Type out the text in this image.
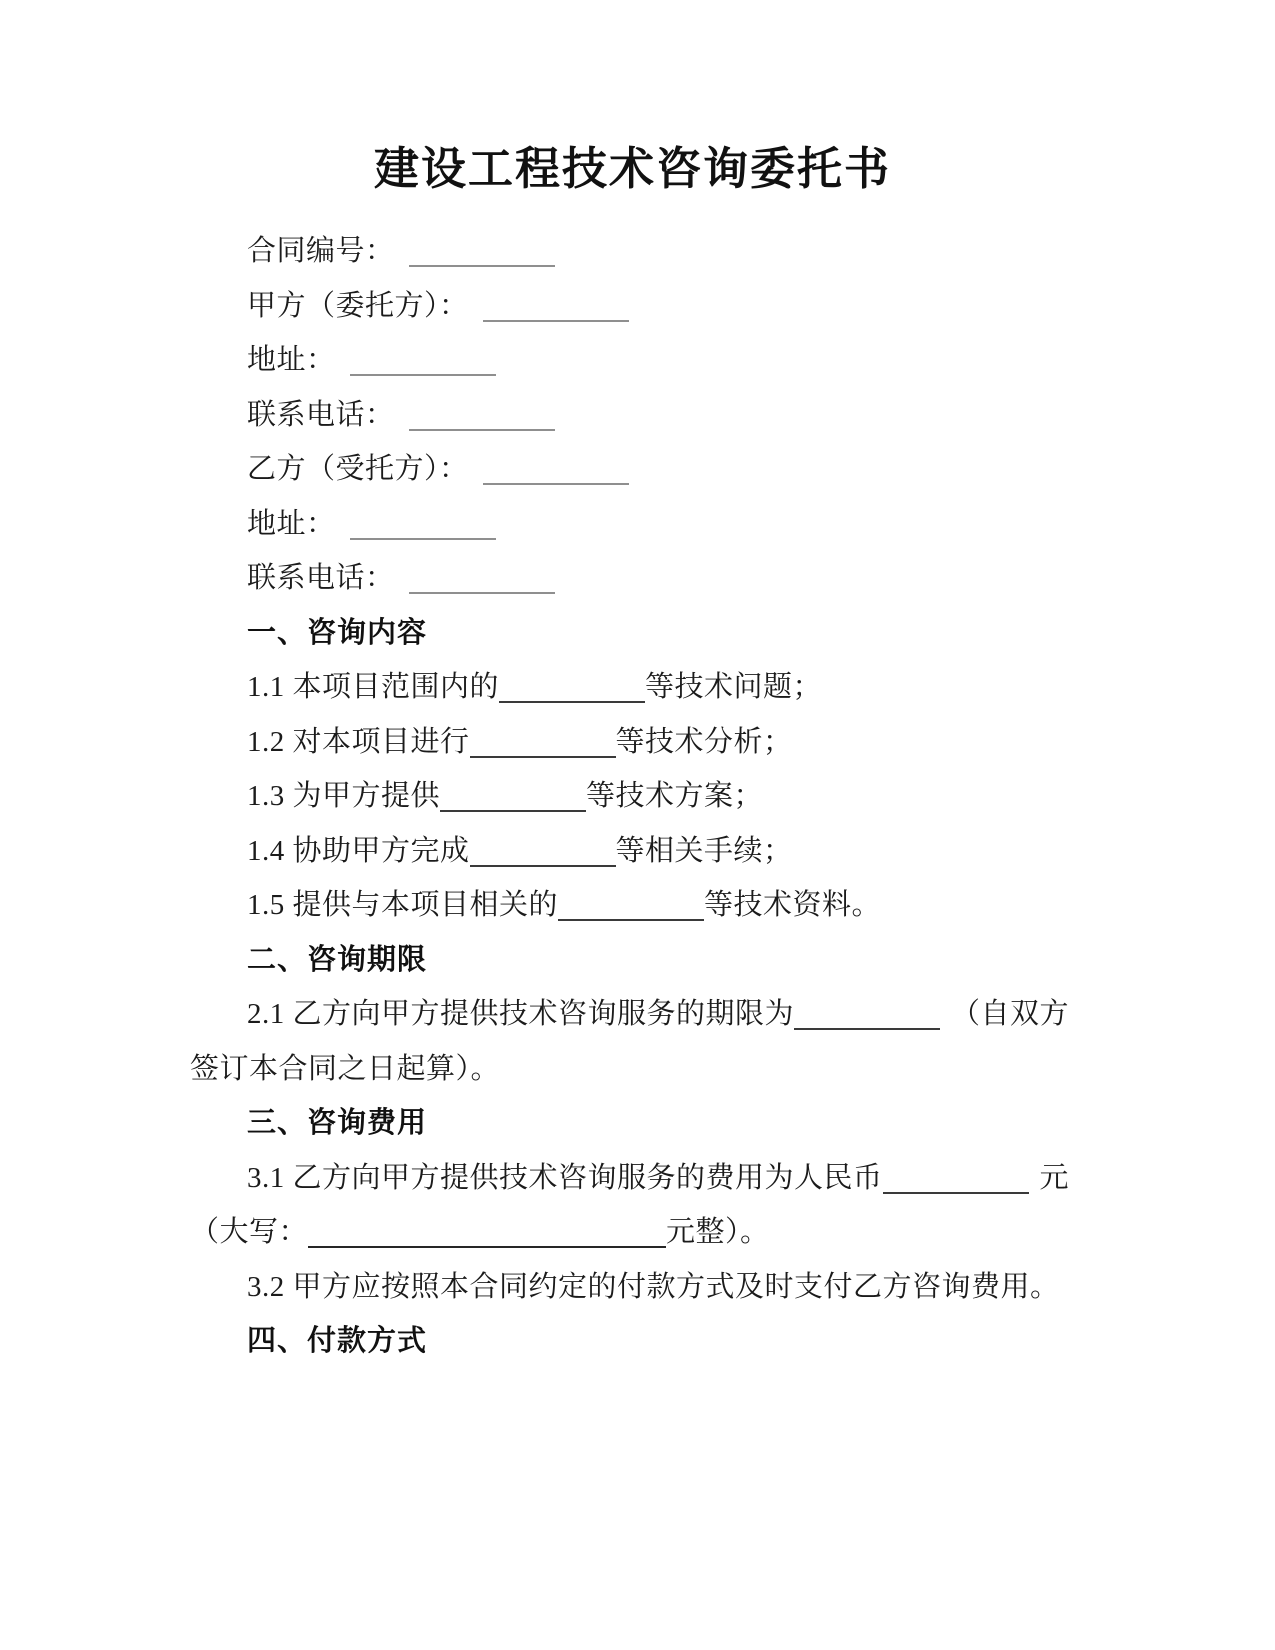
建设工程技术咨询委托书
合同编号：
甲方（委托方）：
地址：
联系电话：
乙方（受托方）：
地址：
联系电话：
一、咨询内容
1.1 本项目范围内的	等技术问题；
1.2 对本项目进行	等技术分析；
1.3 为甲方提供	等技术方案；
1.4 协助甲方完成	等相关手续；
1.5 提供与本项目相关的	等技术资料。
二、咨询期限
2.1 乙方向甲方提供技术咨询服务的期限为	（自双方
签订本合同之日起算）。
三、咨询费用
3.1 乙方向甲方提供技术咨询服务的费用为人民币	元
（大写：	元整）。
3.2 甲方应按照本合同约定的付款方式及时支付乙方咨询费用。
四、付款方式
